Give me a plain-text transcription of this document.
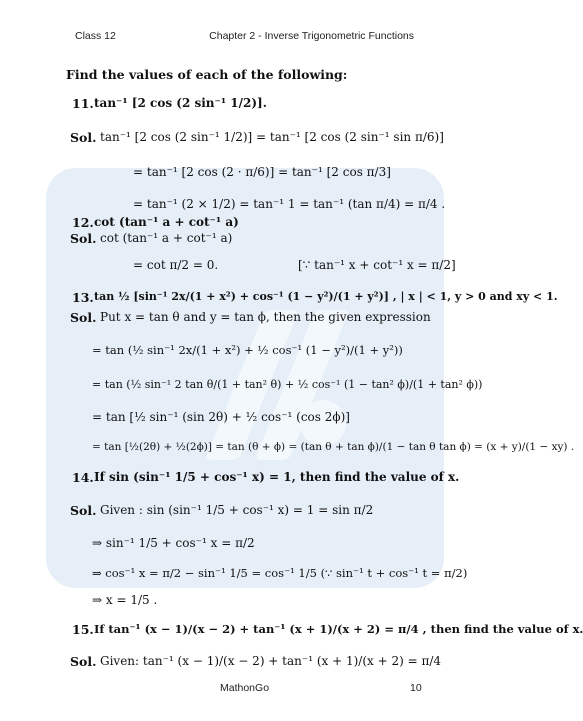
Class 12	Chapter 2 - Inverse Trigonometric Functions
Find the values of each of the following:
11. tan⁻¹ [2 cos (2 sin⁻¹ 1/2)].
Sol. tan⁻¹ [2 cos (2 sin⁻¹ 1/2)] = tan⁻¹ [2 cos (2 sin⁻¹ sin π/6)]
= tan⁻¹ [2 cos (2 · π/6)] = tan⁻¹ [2 cos π/3]
= tan⁻¹ (2 × 1/2) = tan⁻¹ 1 = tan⁻¹ (tan π/4) = π/4 .
12. cot (tan⁻¹ a + cot⁻¹ a)
Sol. cot (tan⁻¹ a + cot⁻¹ a)
= cot π/2 = 0.	[∵ tan⁻¹ x + cot⁻¹ x = π/2]
13. tan ½ [sin⁻¹ 2x/(1 + x²) + cos⁻¹ (1 − y²)/(1 + y²)] , | x | < 1, y > 0 and xy < 1.
Sol. Put x = tan θ and y = tan ϕ, then the given expression
= tan (½ sin⁻¹ 2x/(1 + x²) + ½ cos⁻¹ (1 − y²)/(1 + y²))
= tan (½ sin⁻¹ 2 tan θ/(1 + tan² θ) + ½ cos⁻¹ (1 − tan² ϕ)/(1 + tan² ϕ))
= tan [½ sin⁻¹ (sin 2θ) + ½ cos⁻¹ (cos 2ϕ)]
= tan [½(2θ) + ½(2ϕ)] = tan (θ + ϕ) = (tan θ + tan ϕ)/(1 − tan θ tan ϕ) = (x + y)/(1 − xy) .
14. If sin (sin⁻¹ 1/5 + cos⁻¹ x) = 1, then find the value of x.
Sol. Given : sin (sin⁻¹ 1/5 + cos⁻¹ x) = 1 = sin π/2
⇒ sin⁻¹ 1/5 + cos⁻¹ x = π/2
⇒ cos⁻¹ x = π/2 − sin⁻¹ 1/5 = cos⁻¹ 1/5 (∵ sin⁻¹ t + cos⁻¹ t = π/2)
⇒ x = 1/5 .
15. If tan⁻¹ (x − 1)/(x − 2) + tan⁻¹ (x + 1)/(x + 2) = π/4 , then find the value of x.
Sol. Given: tan⁻¹ (x − 1)/(x − 2) + tan⁻¹ (x + 1)/(x + 2) = π/4
MathonGo	10
